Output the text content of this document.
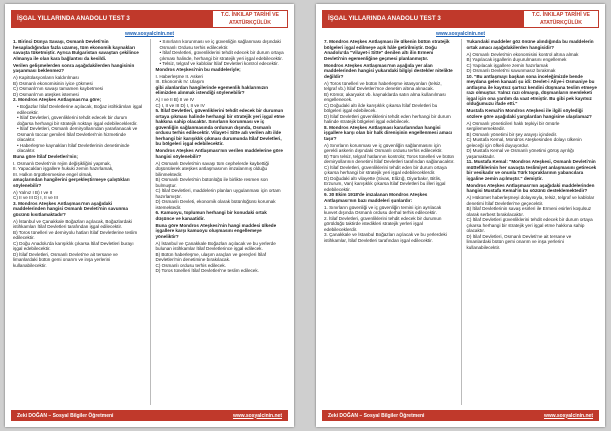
İŞGAL YILLARINDA ANADOLU TEST 3	T.C. İNKILAP TARİHİ VE ATATÜRKÇÜLÜK
www.sosyalcinin.net

1. Birinci Dünya Savaşı, Osmanlı Devleti'nin hesapladığından fazla uzamış, tüm ekonomik kaynakları savaşta tüketmiştir. Ayrıca Bulgaristan savaştan çekilince Almanya ile olan kara bağlantısı da kesildi.

Verilen gelişmelerden sonra aşağıdakilerden hangisinin yaşanması beklenmez?

A) Kapitülasyonların kaldırılması

B) Osmanlı ekonomisinin iyice çökmesi

C) Osmanlı'nın savaşı tamamen kaybetmesi

D) Osmanlı'nın ateşkes istemesi

2. Mondros Ateşkes Antlaşması'na göre;

• Boğazlar İtilaf Devletlerine açılacak, Boğaz istihkâmları işgal edilecektir.

• İtilaf Devletleri, güvenliklerini tehdit edecek bir durum doğarsa herhangi bir stratejik noktayı işgal edebileceklerdir.

• İtilaf Devletleri, Osmanlı demiryollarından yararlanacak ve Osmanlı tüccar gemileri İtilaf Devletleri'nin hizmetinde olacaktır.

• Haberleşme kaynakları İtilaf Devletlerinin denetiminde olacaktır.

Buna göre İtilaf Devletleri'nin;

I. Osmanlı Devleti'nin rejim değişikliğini yapmak,

II. Yapacakları işgallere hukuki zemin hazırlamak,

III. Halkın örgütlenmesine engel olmak,

amaçlarından hangilerini gerçekleştirmeye çalıştıkları söylenebilir?

A) Yalnız I B) I ve II

C) II ve III D) I, II ve III

3. Mondros Ateşkes Antlaşması'nın aşağıdaki maddelerinden hangisi Osmanlı Devleti'nin savunma gücünü kısıtlamaktadır?

A) İstanbul ve Çanakkale Boğazları açılacak, Boğazlardaki istihkamları İtilaf Devletleri tarafından işgal edilecektir.

B) Toros tünelleri ve demiryolu hatları İtilaf Devletlerine teslim edilecektir.

C) Doğu Anadolu'da karışıklık çıkarsa İtilaf Devletleri burayı işgal edebilecektir.

D) İtilaf Devletleri, Osmanlı Devleti'ne ait tersane ve limanlardaki bütün gemi onarım ve inşa yerlerini kullanabilecektir.

• Sınırların korunması ve iç güvenliğin sağlanması dışındaki Osmanlı Ordusu terhis edilecektir.

• İtilaf Devletleri, güvenliklerini tehdit edecek bir durum ortaya çıkması halinde, herhangi bir stratejik yeri işgal edebilecektir.

• Telsiz, telgraf ve kablolar İtilaf Devletleri kontrol edecektir.

Mondros Ateşkesi'nin bu maddeleriyle;

I. Haberleşme II. Askeri

III. Ekonomik IV. Ulaşım

gibi alanlardan hangilerinde egemenlik haklarımızın elimizden alınmak istendiği söylenebilir?

A) I ve II B) II ve IV

C) I, II ve III D) I, II ve IV

5. İtilaf Devletleri, güvenliklerini tehdit edecek bir durumun ortaya çıkması halinde herhangi bir stratejik yeri işgal etme hakkına sahip olacaktır. Sınırların korunması ve iç güvenliğin sağlanmasında ordunun dışında, Osmanlı ordusu terhis edilecektir. Vilayet-i Sitte adı verilen altı ilde herhangi bir karışıklık çıkması durumunda İtilaf Devletleri, bu bölgeleri işgal edebilecektir.

Mondros Ateşkes Antlaşması'nın verilen maddelerine göre hangisi söylenebilir?

A) Osmanlı Devleti'nin savaşı tüm cephelerde kaybettiği düşünülerek ateşkes antlaşmasının imzalanmış olduğu bilinmektedir.

B) Osmanlı Devleti'nin bütünlüğü ile birlikte resmen son bulmuştur.

C) İtilaf Devletleri, maddelerin planları uygulanması için ortam hazırlamıştır.

D) Osmanlı Devleti, ekonomik olarak bütünlüğünü korumak istemektedir.

6. Kamuoyu, toplumun herhangi bir konudaki ortak düşünce ve kanaatidir.

Buna göre Mondros Ateşkesi'nin hangi maddesi ülkede işgallere karşı kamuoyu oluşmasını engellemeye yöneliktir?

A) İstanbul ve Çanakkale Boğazları açılacak ve bu yerlerde bulunan istihkamlar İtilaf Devletlerince işgal edilecek.

B) Bütün haberleşme, ulaşım araçları ve gereçleri İtilaf Devletleri'nin denetimine bırakılacak.

C) Osmanlı ordusu terhis edilecek.

D) Toros tünelleri İtilaf Devletleri'ne teslim edilecek.

Zeki DOĞAN – Sosyal Bilgiler Öğretmeni	www.sosyalcinin.net
İŞGAL YILLARINDA ANADOLU TEST 3	T.C. İNKILAP TARİHİ VE ATATÜRKÇÜLÜK
www.sosyalcinin.net

7. Mondros Ateşkes Antlaşması ile ülkenin bütün stratejik bölgeleri işgal edilmeye açık hâle getirilmiştir. Doğu Anadolu'da "Vilayet-i Sitte" denilen altı ilin Ermeni Devleti'nin egemenliğine geçmesi planlanmıştır.

Mondros Ateşkes Antlaşması'nın aşağıda yer alan maddelerinden hangisi yukarıdaki bilgiyi destekler nitelikte değildir?

A) Toros tünelleri ve bütün haberleşme istasyonları (telsiz, telgraf vb.) İtilaf Devletleri'nce denetim altına alınacak.

B) Kömür, akaryakıt vb. kaynaklarda satın alma kullanılması engellenecek.

C) Doğudaki altı ilde karışıklık çıkarsa İtilaf Devletleri bu bölgeleri işgal edebilecek.

D) İtilaf Devletleri güvenliklerini tehdit eden herhangi bir durum halinde stratejik bölgeleri işgal edebilecek.

8. Mondros Ateşkes Antlaşması kararlarından hangisi işgallere karşı olan bir halk direnişinin engellenmesi amacı taşır?

A) Sınırların korunması ve iç güvenliğin sağlanmasını için gerekli askerin dışındaki Osmanlı ordusu terhis edilecektir.

B) Tüm telsiz, telgraf hatlarının kontrolü; Toros tünelleri ve bütün demiryollarının denetimi İtilaf Devletleri tarafından sağlanacaktır.

C) İtilaf Devletleri, güvenliklerini tehdit eden bir durum ortaya çıkarsa herhangi bir stratejik yeri işgal edebileceklerdir.

D) Doğudaki altı vilayette (Sivas, Elâzığ, Diyarbakır, Bitlis, Erzurum, Van) karışıklık çıkarsa İtilaf Devletleri bu illeri işgal edebilecektir.

9. 30 Ekim 1918'de imzalanan Mondros Ateşkes Antlaşması'nın bazı maddeleri şunlardır:

1. Sınırların güvenliği ve iç güvenliğin temini için ayrılacak kuvvet dışında Osmanlı ordusu derhal terhis edilecektir.

2. İtilaf Devletleri, güvenliklerini tehdit edecek bir durumun görüldüğü taktirde istedikleri stratejik yerleri işgal edebileceklerdir.

3. Çanakkale ve İstanbul Boğazları açılacak ve bu yerlerdeki istihkamlar, İtilaf Devletleri tarafından işgal edilecektir.

Yukarıdaki maddeler göz önüne alındığında bu maddelerin ortak amacı aşağıdakilerden hangisidir?

A) Osmanlı Devleti'nin ekonomisini kontrol altına almak

B) Yapılacak işgallerin duyurulmasını engellemek

C) Yapılacak işgallere zemin hazırlamak

D) Osmanlı Devleti'ni savunmasız bırakmak

10. "Bu antlaşmayı başkan sona inceleğimizde bende meydana gelen kanaati şu idi: Devlet-i Aliye-i Osmaniye bu antlaşma ile kayıtsız şartsız kendini düşmana teslim etmeye razı olmuştur. Yalnız razı olmayıp, düşmanların memleketi işgal için ona yardım da vaat etmiştir. Bu gibi pek kayıtsız olduğumuzu ifade etti."

Mustafa Kemal'in Mondros Ateşkesi ile ilgili söylediği sözlere göre aşağıdaki yargılardan hangisine ulaşılamaz?

A) Osmanlı yöneticileri haklı tepkiyi bir ömürle sergilememektedir.

B) Osmanlı yönetimi bir şey arayışı içindedir.

C) Mustafa Kemal, Mondros Ateşkesinden dolayı ülkenin geleceği için öfkeli duyuyordur.

D) Mustafa Kemal ve Osmanlı yönetimi görüş ayrılığı yaşamaktadır.

11. Mustafa Kemal: "Mondros Ateşkesi, Osmanlı Devleti'nin müttefiklerinin her savaşta teslimiyet anlaşmasını getirecek bir vesikadır ve onunla Türk topraklarının yabancılara işgaline zemin açılmıştır." demiştir.

Mondros Ateşkes Antlaşması'nın aşağıdaki maddelerinden hangisi Mustafa Kemal'in bu sözünü desteklemektedir?

A) Hükümet haberleşmeyi dolayısıyla, telsiz, telgraf ve kablolar denetimi İtilaf Devletleri'ne geçecektir.

B) İtilaf Devletlerinin savaş esirleri ile Ermeni esirleri koşulsuz olarak serbest bırakılacaktır.

C) İtilaf Devletleri güvenliklerini tehdit edecek bir durum ortaya çıkarsa herhangi bir stratejik yeri işgal etme hakkına sahip olacaktır.

D) İtilaf Devletleri, Osmanlı Devleti'ne ait tersane ve limanlardaki bütün gemi onarım ve inşa yerlerini kullanabilecektir.

Zeki DOĞAN – Sosyal Bilgiler Öğretmeni	www.sosyalcinin.net
